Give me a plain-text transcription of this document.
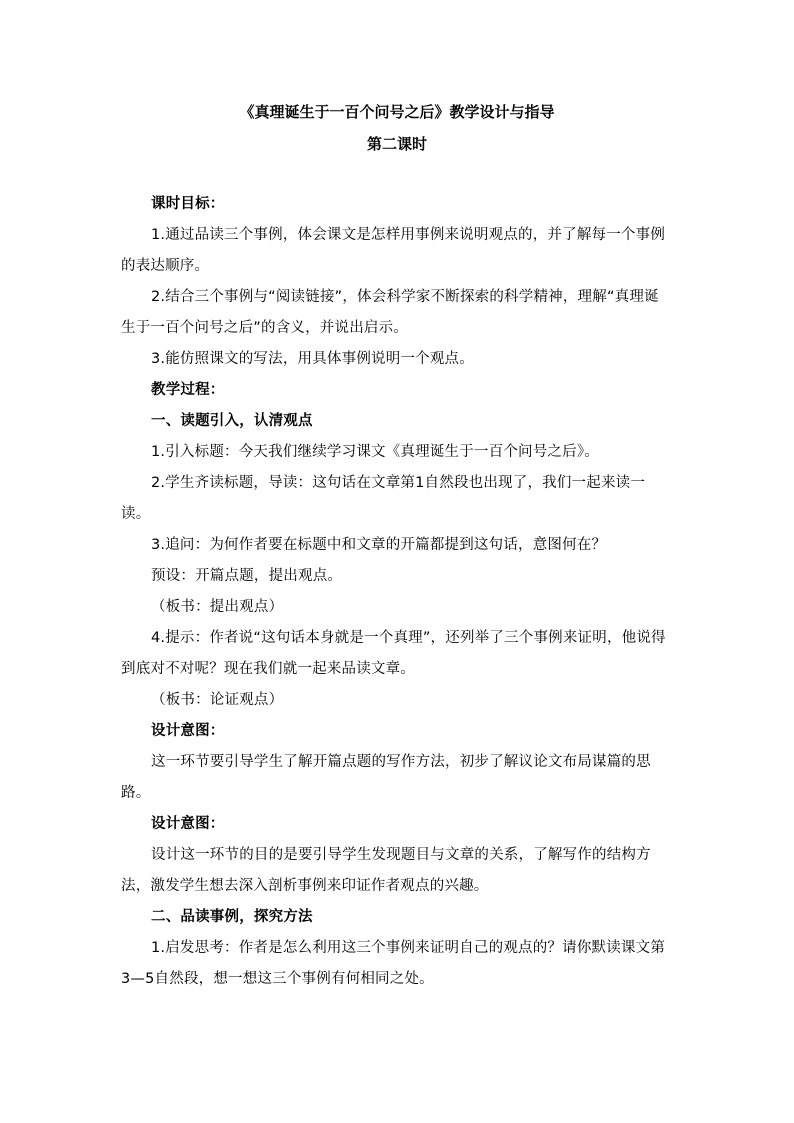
《真理诞生于一百个问号之后》教学设计与指导
第二课时

课时目标：

1.通过品读三个事例，体会课文是怎样用事例来说明观点的，并了解每一个事例的表达顺序。

2.结合三个事例与“阅读链接”，体会科学家不断探索的科学精神，理解“真理诞生于一百个问号之后”的含义，并说出启示。

3.能仿照课文的写法，用具体事例说明一个观点。

教学过程：

一、读题引入，认清观点

1.引入标题：今天我们继续学习课文《真理诞生于一百个问号之后》。

2.学生齐读标题，导读：这句话在文章第1自然段也出现了，我们一起来读一读。

3.追问：为何作者要在标题中和文章的开篇都提到这句话，意图何在？

预设：开篇点题，提出观点。

（板书：提出观点）

4.提示：作者说“这句话本身就是一个真理”，还列举了三个事例来证明，他说得到底对不对呢？现在我们就一起来品读文章。

（板书：论证观点）

设计意图：

这一环节要引导学生了解开篇点题的写作方法，初步了解议论文布局谋篇的思路。

设计意图：

设计这一环节的目的是要引导学生发现题目与文章的关系，了解写作的结构方法，激发学生想去深入剖析事例来印证作者观点的兴趣。

二、品读事例，探究方法

1.启发思考：作者是怎么利用这三个事例来证明自己的观点的？请你默读课文第3—5自然段，想一想这三个事例有何相同之处。
